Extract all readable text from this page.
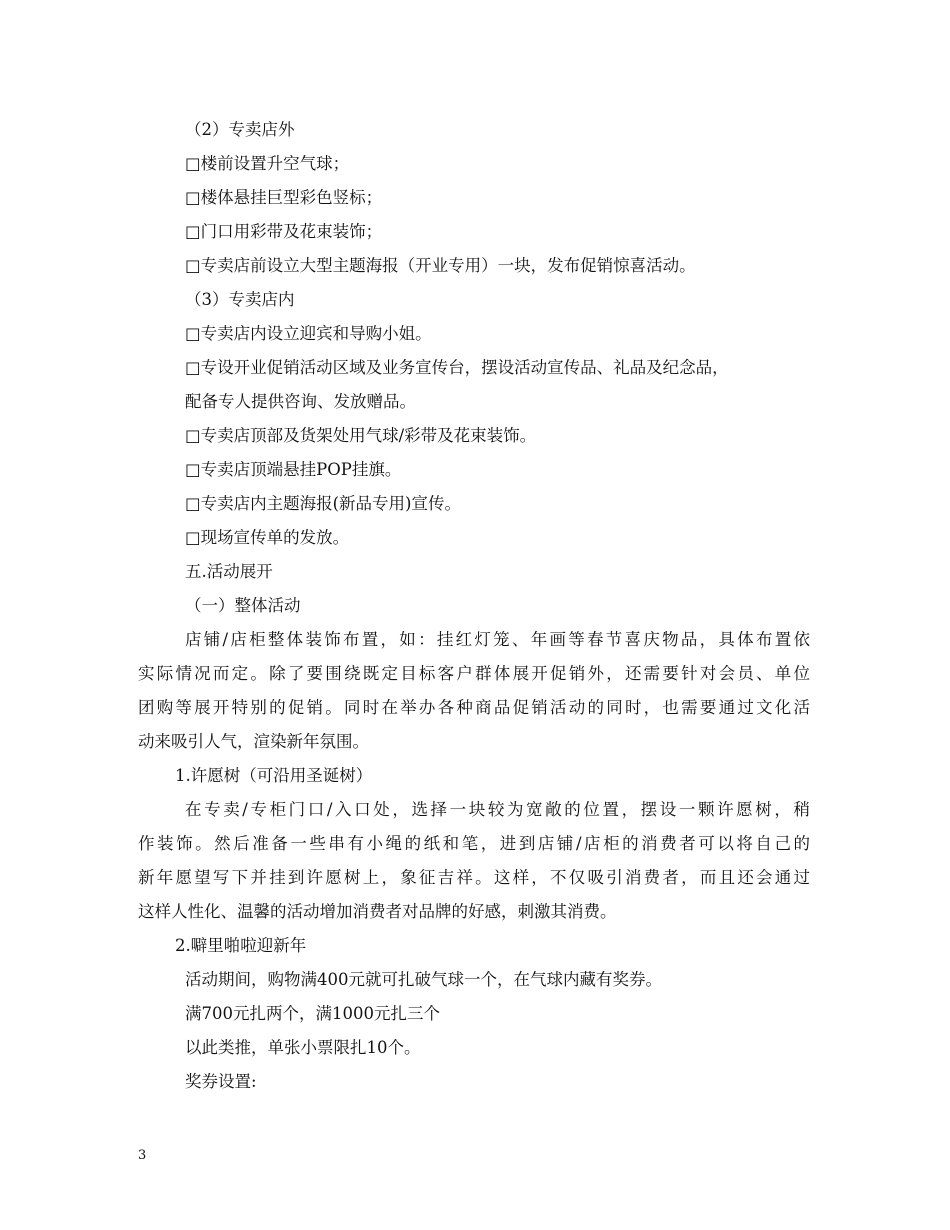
（2）专卖店外
□楼前设置升空气球；
□楼体悬挂巨型彩色竖标；
□门口用彩带及花束装饰；
□专卖店前设立大型主题海报（开业专用）一块，发布促销惊喜活动。
（3）专卖店内
□专卖店内设立迎宾和导购小姐。
□专设开业促销活动区域及业务宣传台，摆设活动宣传品、礼品及纪念品，
配备专人提供咨询、发放赠品。
□专卖店顶部及货架处用气球/彩带及花束装饰。
□专卖店顶端悬挂POP挂旗。
□专卖店内主题海报(新品专用)宣传。
□现场宣传单的发放。
五.活动展开
（一）整体活动
店铺/店柜整体装饰布置，如：挂红灯笼、年画等春节喜庆物品，具体布置依
实际情况而定。除了要围绕既定目标客户群体展开促销外，还需要针对会员、单位
团购等展开特别的促销。同时在举办各种商品促销活动的同时，也需要通过文化活
动来吸引人气，渲染新年氛围。
1.许愿树（可沿用圣诞树）
在专卖/专柜门口/入口处，选择一块较为宽敞的位置，摆设一颗许愿树，稍
作装饰。然后准备一些串有小绳的纸和笔，进到店铺/店柜的消费者可以将自己的
新年愿望写下并挂到许愿树上，象征吉祥。这样，不仅吸引消费者，而且还会通过
这样人性化、温馨的活动增加消费者对品牌的好感，刺激其消费。
2.噼里啪啦迎新年
活动期间，购物满400元就可扎破气球一个，在气球内藏有奖券。
满700元扎两个，满1000元扎三个
以此类推，单张小票限扎10个。
奖券设置:
3
